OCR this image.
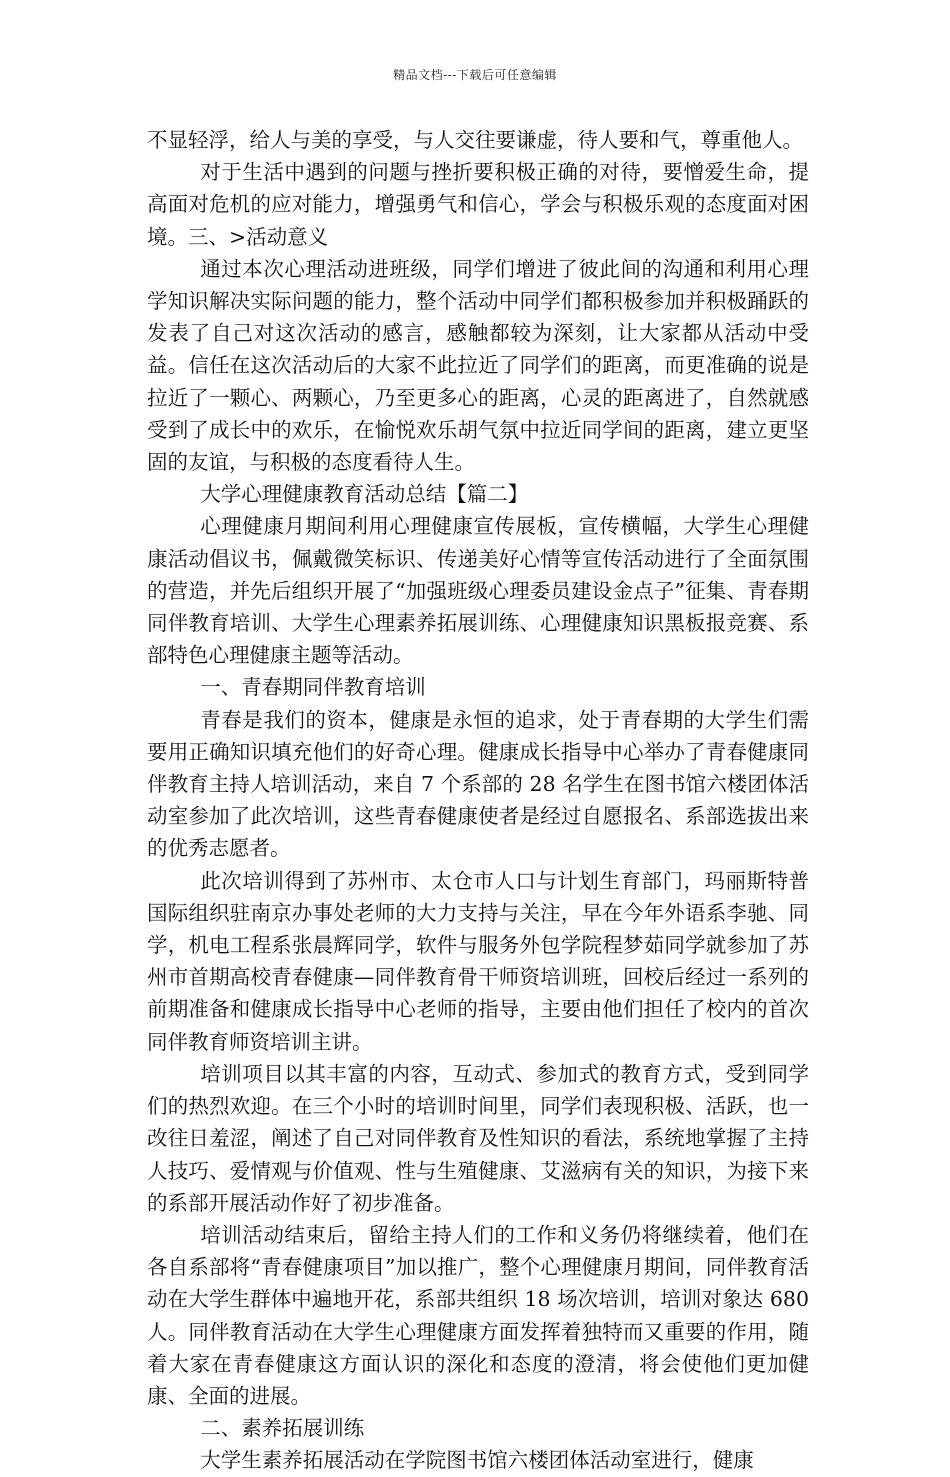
精品文档---下载后可任意编辑

不显轻浮，给人与美的享受，与人交往要谦虚，待人要和气，尊重他人。

对于生活中遇到的问题与挫折要积极正确的对待，要憎爱生命，提高面对危机的应对能力，增强勇气和信心，学会与积极乐观的态度面对困境。三、>活动意义

通过本次心理活动进班级，同学们增进了彼此间的沟通和利用心理学知识解决实际问题的能力，整个活动中同学们都积极参加并积极踊跃的发表了自己对这次活动的感言，感触都较为深刻，让大家都从活动中受益。信任在这次活动后的大家不此拉近了同学们的距离，而更准确的说是拉近了一颗心、两颗心，乃至更多心的距离，心灵的距离进了，自然就感受到了成长中的欢乐，在愉悦欢乐胡气氛中拉近同学间的距离，建立更坚固的友谊，与积极的态度看待人生。

大学心理健康教育活动总结【篇二】

心理健康月期间利用心理健康宣传展板，宣传横幅，大学生心理健康活动倡议书，佩戴微笑标识、传递美好心情等宣传活动进行了全面氛围的营造，并先后组织开展了“加强班级心理委员建设金点子”征集、青春期同伴教育培训、大学生心理素养拓展训练、心理健康知识黑板报竞赛、系部特色心理健康主题等活动。

一、青春期同伴教育培训

青春是我们的资本，健康是永恒的追求，处于青春期的大学生们需要用正确知识填充他们的好奇心理。健康成长指导中心举办了青春健康同伴教育主持人培训活动，来自 7 个系部的 28 名学生在图书馆六楼团体活动室参加了此次培训，这些青春健康使者是经过自愿报名、系部选拔出来的优秀志愿者。

此次培训得到了苏州市、太仓市人口与计划生育部门，玛丽斯特普国际组织驻南京办事处老师的大力支持与关注，早在今年外语系李驰、同学，机电工程系张晨辉同学，软件与服务外包学院程梦茹同学就参加了苏州市首期高校青春健康—同伴教育骨干师资培训班，回校后经过一系列的前期准备和健康成长指导中心老师的指导，主要由他们担任了校内的首次同伴教育师资培训主讲。

培训项目以其丰富的内容，互动式、参加式的教育方式，受到同学们的热烈欢迎。在三个小时的培训时间里，同学们表现积极、活跃，也一改往日羞涩，阐述了自己对同伴教育及性知识的看法，系统地掌握了主持人技巧、爱情观与价值观、性与生殖健康、艾滋病有关的知识，为接下来的系部开展活动作好了初步准备。

培训活动结束后，留给主持人们的工作和义务仍将继续着，他们在各自系部将“青春健康项目”加以推广，整个心理健康月期间，同伴教育活动在大学生群体中遍地开花，系部共组织 18 场次培训，培训对象达 680 人。同伴教育活动在大学生心理健康方面发挥着独特而又重要的作用，随着大家在青春健康这方面认识的深化和态度的澄清，将会使他们更加健康、全面的进展。

二、素养拓展训练

大学生素养拓展活动在学院图书馆六楼团体活动室进行，健康
